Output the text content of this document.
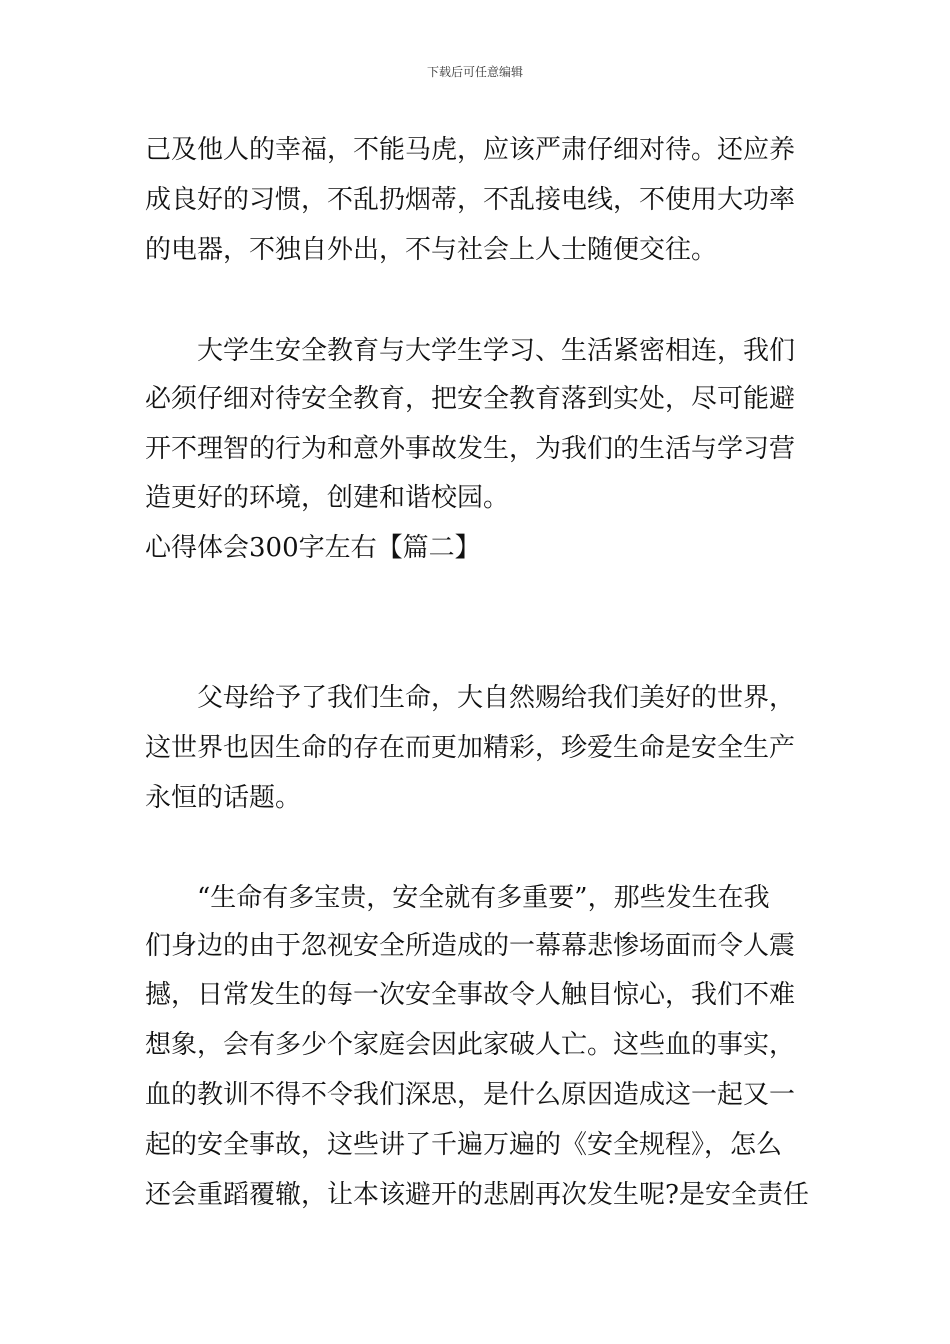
下载后可任意编辑
己及他人的幸福，不能马虎，应该严肃仔细对待。还应养
成良好的习惯，不乱扔烟蒂，不乱接电线，不使用大功率
的电器，不独自外出，不与社会上人士随便交往。
大学生安全教育与大学生学习、生活紧密相连，我们
必须仔细对待安全教育，把安全教育落到实处，尽可能避
开不理智的行为和意外事故发生，为我们的生活与学习营
造更好的环境，创建和谐校园。
心得体会300字左右【篇二】
父母给予了我们生命，大自然赐给我们美好的世界，
这世界也因生命的存在而更加精彩，珍爱生命是安全生产
永恒的话题。
“生命有多宝贵，安全就有多重要”，那些发生在我
们身边的由于忽视安全所造成的一幕幕悲惨场面而令人震
撼，日常发生的每一次安全事故令人触目惊心，我们不难
想象，会有多少个家庭会因此家破人亡。这些血的事实，
血的教训不得不令我们深思，是什么原因造成这一起又一
起的安全事故，这些讲了千遍万遍的《安全规程》，怎么
还会重蹈覆辙，让本该避开的悲剧再次发生呢?是安全责任
